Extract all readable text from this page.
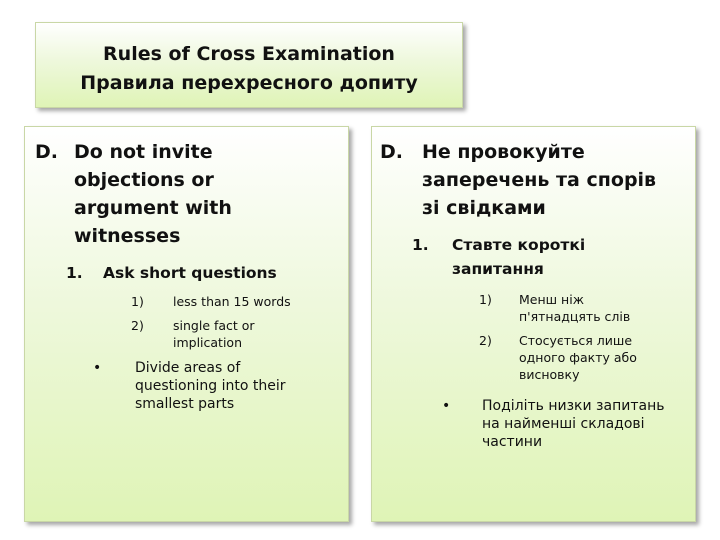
Rules of Cross Examination
Правила перехресного допиту
D. Do not invite
objections or
argument with
witnesses
1. Ask short questions
1) less than 15 words
2) single fact or
implication
• Divide areas of
questioning into their
smallest parts
D. Не провокуйте
заперечень та спорів
зі свідками
1. Ставте короткі
запитання
1) Менш ніж
п'ятнадцять слів
2) Стосується лише
одного факту або
висновку
• Поділіть низки запитань
на найменші складові
частини
